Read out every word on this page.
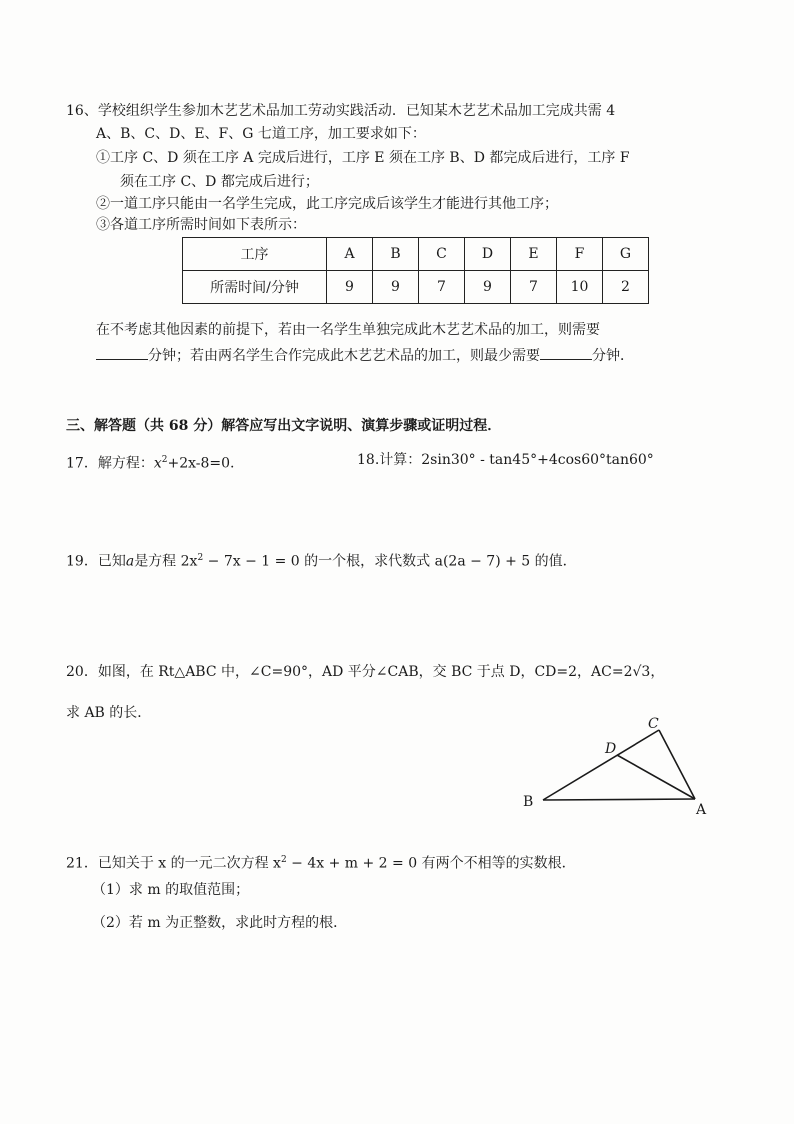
16、学校组织学生参加木艺艺术品加工劳动实践活动．已知某木艺艺术品加工完成共需 4
A、B、C、D、E、F、G 七道工序，加工要求如下：
①工序 C、D 须在工序 A 完成后进行，工序 E 须在工序 B、D 都完成后进行，工序 F
须在工序 C、D 都完成后进行；
②一道工序只能由一名学生完成，此工序完成后该学生才能进行其他工序；
③各道工序所需时间如下表所示：
工序	A	B	C	D	E	F	G
所需时间/分钟	9	9	7	9	7	10	2
在不考虑其他因素的前提下，若由一名学生单独完成此木艺艺术品的加工，则需要
分钟；若由两名学生合作完成此木艺艺术品的加工，则最少需要	分钟．
三、解答题（共 68 分）解答应写出文字说明、演算步骤或证明过程．
17．解方程：$x^2+2x-8=0$.	18.计算：2sin30° - tan45°+4cos60°tan60°
19．已知a是方程 $2x^2 - 7x - 1 = 0$ 的一个根，求代数式 a(2a − 7) + 5 的值．
20．如图，在 Rt△ABC 中，∠C=90°，AD 平分∠CAB，交 BC 于点 D，CD=2，AC=2√3，
求 AB 的长．
C
D
B	A
21．已知关于 x 的一元二次方程 $x^2 - 4x + m + 2 = 0$ 有两个不相等的实数根．
（1）求 m 的取值范围；
（2）若 m 为正整数，求此时方程的根．
